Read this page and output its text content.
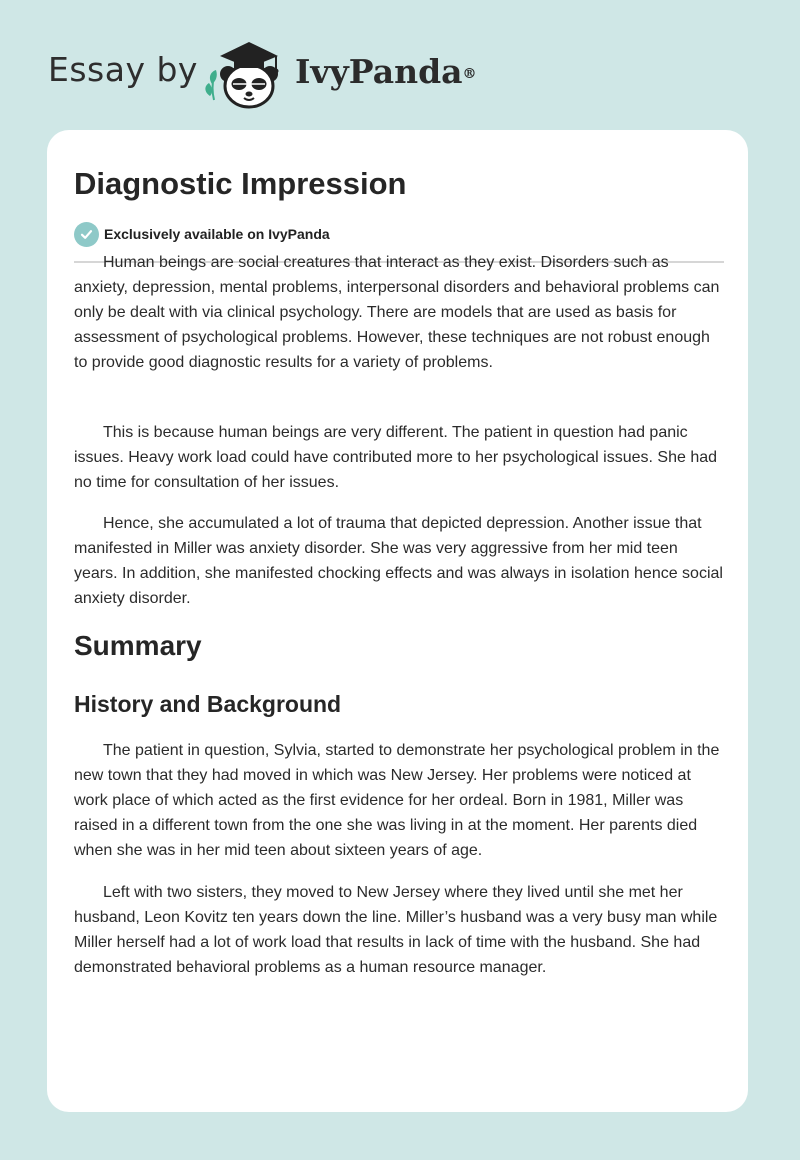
Essay by	IvyPanda®
Diagnostic Impression
Exclusively available on IvyPanda

Human beings are social creatures that interact as they exist. Disorders such as anxiety, depression, mental problems, interpersonal disorders and behavioral problems can only be dealt with via clinical psychology. There are models that are used as basis for assessment of psychological problems. However, these techniques are not robust enough to provide good diagnostic results for a variety of problems.

This is because human beings are very different. The patient in question had panic issues. Heavy work load could have contributed more to her psychological issues. She had no time for consultation of her issues.

Hence, she accumulated a lot of trauma that depicted depression. Another issue that manifested in Miller was anxiety disorder. She was very aggressive from her mid teen years. In addition, she manifested chocking effects and was always in isolation hence social anxiety disorder.

Summary
History and Background

The patient in question, Sylvia, started to demonstrate her psychological problem in the new town that they had moved in which was New Jersey. Her problems were noticed at work place of which acted as the first evidence for her ordeal. Born in 1981, Miller was raised in a different town from the one she was living in at the moment. Her parents died when she was in her mid teen about sixteen years of age.

Left with two sisters, they moved to New Jersey where they lived until she met her husband, Leon Kovitz ten years down the line. Miller’s husband was a very busy man while Miller herself had a lot of work load that results in lack of time with the husband. She had demonstrated behavioral problems as a human resource manager.
